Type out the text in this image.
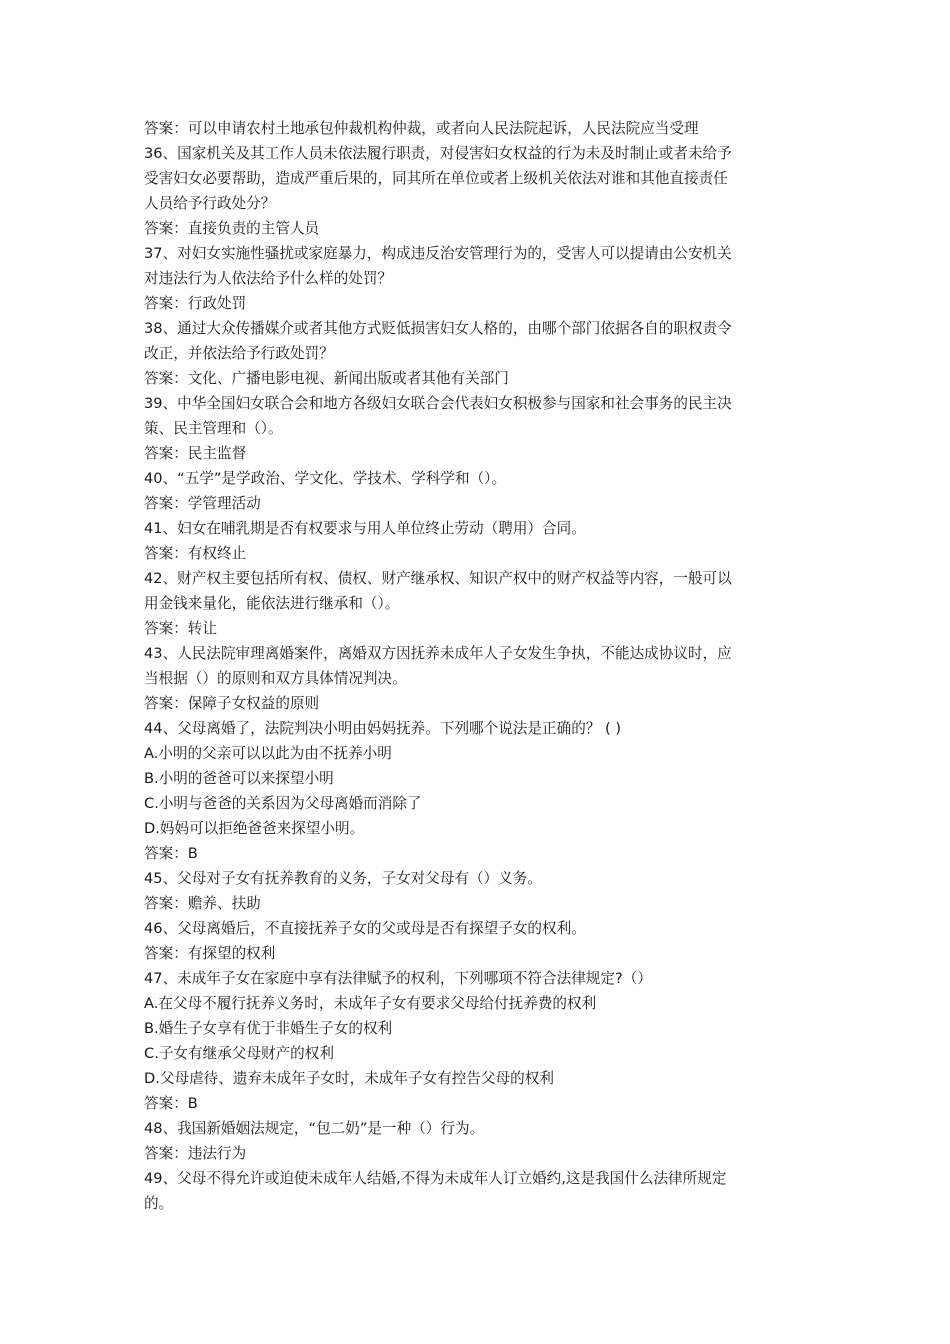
答案：可以申请农村土地承包仲裁机构仲裁，或者向人民法院起诉，人民法院应当受理
36、国家机关及其工作人员未依法履行职责，对侵害妇女权益的行为未及时制止或者未给予
受害妇女必要帮助，造成严重后果的，同其所在单位或者上级机关依法对谁和其他直接责任
人员给予行政处分？
答案：直接负责的主管人员
37、对妇女实施性骚扰或家庭暴力，构成违反治安管理行为的，受害人可以提请由公安机关
对违法行为人依法给予什么样的处罚？
答案：行政处罚
38、通过大众传播媒介或者其他方式贬低损害妇女人格的，由哪个部门依据各自的职权责令
改正，并依法给予行政处罚？
答案：文化、广播电影电视、新闻出版或者其他有关部门
39、中华全国妇女联合会和地方各级妇女联合会代表妇女积极参与国家和社会事务的民主决
策、民主管理和（）。
答案：民主监督
40、“五学”是学政治、学文化、学技术、学科学和（）。
答案：学管理活动
41、妇女在哺乳期是否有权要求与用人单位终止劳动（聘用）合同。
答案：有权终止
42、财产权主要包括所有权、债权、财产继承权、知识产权中的财产权益等内容，一般可以
用金钱来量化，能依法进行继承和（）。
答案：转让
43、人民法院审理离婚案件，离婚双方因抚养未成年人子女发生争执，不能达成协议时，应
当根据（）的原则和双方具体情况判决。
答案：保障子女权益的原则
44、父母离婚了，法院判决小明由妈妈抚养。下列哪个说法是正确的？ ( )
A.小明的父亲可以以此为由不抚养小明
B.小明的爸爸可以来探望小明
C.小明与爸爸的关系因为父母离婚而消除了
D.妈妈可以拒绝爸爸来探望小明。
答案：B
45、父母对子女有抚养教育的义务，子女对父母有（）义务。
答案：赡养、扶助
46、父母离婚后，不直接抚养子女的父或母是否有探望子女的权利。
答案：有探望的权利
47、未成年子女在家庭中享有法律赋予的权利，下列哪项不符合法律规定?（）
A.在父母不履行抚养义务时，未成年子女有要求父母给付抚养费的权利
B.婚生子女享有优于非婚生子女的权利
C.子女有继承父母财产的权利
D.父母虐待、遗弃未成年子女时，未成年子女有控告父母的权利
答案：B
48、我国新婚姻法规定，“包二奶”是一种（）行为。
答案：违法行为
49、父母不得允许或迫使未成年人结婚,不得为未成年人订立婚约,这是我国什么法律所规定
的。
